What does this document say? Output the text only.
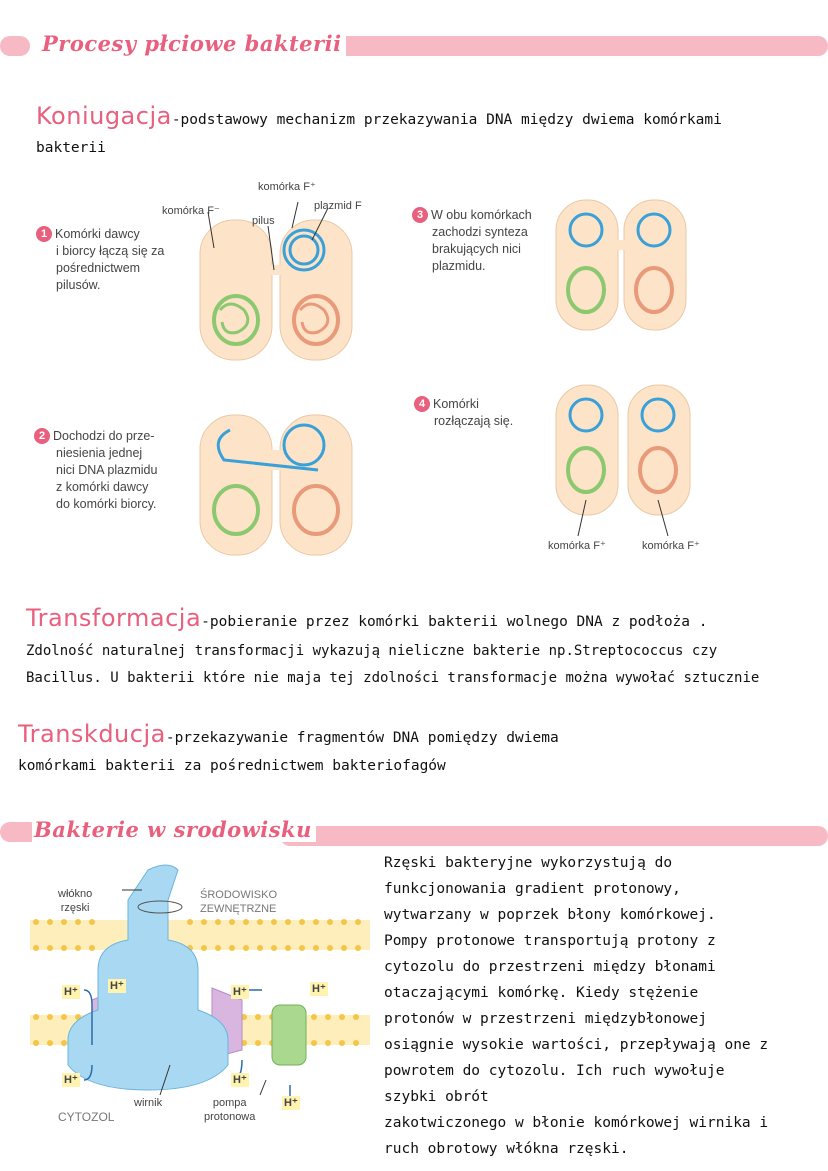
Procesy płciowe bakterii
Koniugacja-podstawowy mechanizm przekazywania DNA między dwiema komórkami
bakterii
komórka F⁺
komórka F⁻	plazmid F
pilus
1 Komórki dawcy
i biorcy łączą się za
pośrednictwem
pilusów.
2 Dochodzi do prze-
niesienia jednej
nici DNA plazmidu
z komórki dawcy
do komórki biorcy.
3 W obu komórkach
zachodzi synteza
brakujących nici
plazmidu.
4 Komórki
rozłączają się.
komórka F⁺	komórka F⁺
Transformacja-pobieranie przez komórki bakterii wolnego DNA z podłoża .
Zdolność naturalnej transformacji wykazują nieliczne bakterie np.Streptococcus czy
Bacillus. U bakterii które nie maja tej zdolności transformacje można wywołać sztucznie
Transkducja-przekazywanie fragmentów DNA pomiędzy dwiema
komórkami bakterii za pośrednictwem bakteriofagów
Bakterie w srodowisku
włókno
rzęski
ŚRODOWISKO
ZEWNĘTRZNE
H⁺	H⁺	H⁺	H⁺
H⁺	H⁺
H⁺
wirnik	pompa
protonowa
CYTOZOL
Rzęski bakteryjne wykorzystują do
funkcjonowania gradient protonowy,
wytwarzany w poprzek błony komórkowej.
Pompy protonowe transportują protony z
cytozolu do przestrzeni między błonami
otaczającymi komórkę. Kiedy stężenie
protonów w przestrzeni międzybłonowej
osiągnie wysokie wartości, przepływają one z
powrotem do cytozolu. Ich ruch wywołuje
szybki obrót
zakotwiczonego w błonie komórkowej wirnika i
ruch obrotowy włókna rzęski.
